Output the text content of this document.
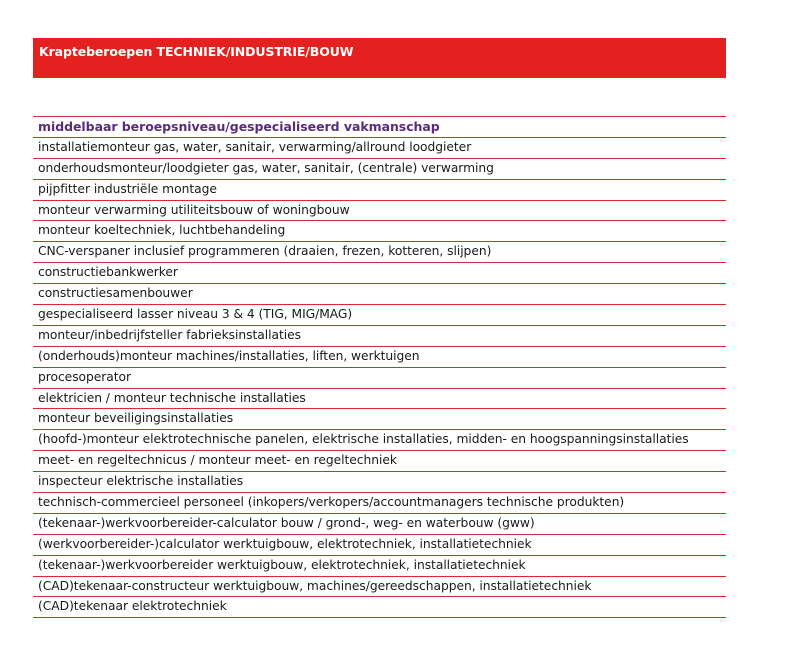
Krapteberoepen TECHNIEK/INDUSTRIE/BOUW
middelbaar beroepsniveau/gespecialiseerd vakmanschap
installatiemonteur gas, water, sanitair, verwarming/allround loodgieter
onderhoudsmonteur/loodgieter gas, water, sanitair, (centrale) verwarming
pijpfitter industriële montage
monteur verwarming utiliteitsbouw of woningbouw
monteur koeltechniek, luchtbehandeling
CNC-verspaner inclusief programmeren (draaien, frezen, kotteren, slijpen)
constructiebankwerker
constructiesamenbouwer
gespecialiseerd lasser niveau 3 & 4 (TIG, MIG/MAG)
monteur/inbedrijfsteller fabrieksinstallaties
(onderhouds)monteur machines/installaties, liften, werktuigen
procesoperator
elektricien / monteur technische installaties
monteur beveiligingsinstallaties
(hoofd-)monteur elektrotechnische panelen, elektrische installaties, midden- en hoogspanningsinstallaties
meet- en regeltechnicus / monteur meet- en regeltechniek
inspecteur elektrische installaties
technisch-commercieel personeel (inkopers/verkopers/accountmanagers technische produkten)
(tekenaar-)werkvoorbereider-calculator bouw / grond-, weg- en waterbouw (gww)
(werkvoorbereider-)calculator werktuigbouw, elektrotechniek, installatietechniek
(tekenaar-)werkvoorbereider werktuigbouw, elektrotechniek, installatietechniek
(CAD)tekenaar-constructeur werktuigbouw, machines/gereedschappen, installatietechniek
(CAD)tekenaar elektrotechniek
